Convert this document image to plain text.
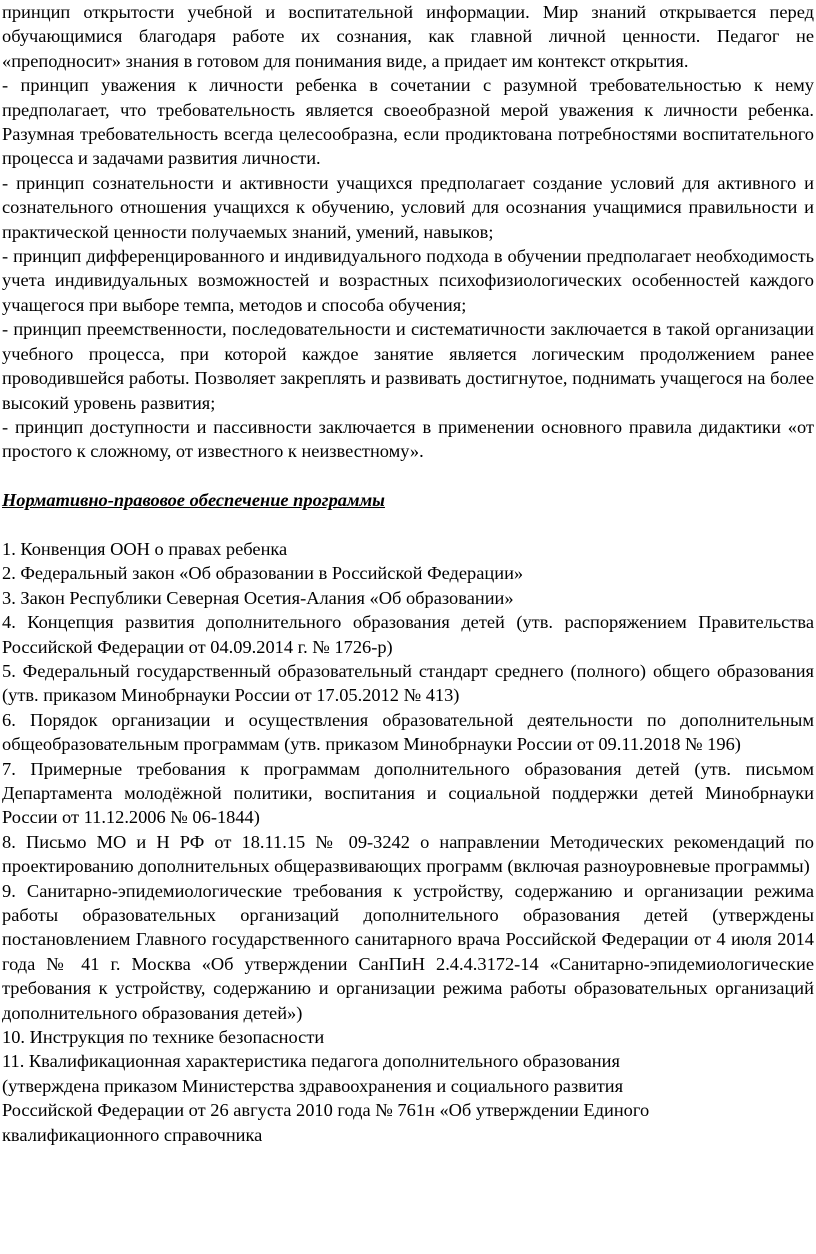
принцип открытости учебной и воспитательной информации. Мир знаний открывается перед обучающимися благодаря работе их сознания, как главной личной ценности. Педагог не «преподносит» знания в готовом для понимания виде, а придает им контекст открытия.

- принцип уважения к личности ребенка в сочетании с разумной требовательностью к нему предполагает, что требовательность является своеобразной мерой уважения к личности ребенка. Разумная требовательность всегда целесообразна, если продиктована потребностями воспитательного процесса и задачами развития личности.

- принцип сознательности и активности учащихся предполагает создание условий для активного и сознательного отношения учащихся к обучению, условий для осознания учащимися правильности и практической ценности получаемых знаний, умений, навыков;

- принцип дифференцированного и индивидуального подхода в обучении предполагает необходимость учета индивидуальных возможностей и возрастных психофизиологических особенностей каждого учащегося при выборе темпа, методов и способа обучения;

- принцип преемственности, последовательности и систематичности заключается в такой организации учебного процесса, при которой каждое занятие является логическим продолжением ранее проводившейся работы. Позволяет закреплять и развивать достигнутое, поднимать учащегося на более высокий уровень развития;

- принцип доступности и пассивности заключается в применении основного правила дидактики «от простого к сложному, от известного к неизвестному».

Нормативно-правовое обеспечение программы

1. Конвенция ООН о правах ребенка

2. Федеральный закон «Об образовании в Российской Федерации»

3. Закон Республики Северная Осетия-Алания «Об образовании»

4. Концепция развития дополнительного образования детей (утв. распоряжением Правительства Российской Федерации от 04.09.2014 г. № 1726-р)

5. Федеральный государственный образовательный стандарт среднего (полного) общего образования (утв. приказом Минобрнауки России от 17.05.2012 № 413)

6. Порядок организации и осуществления образовательной деятельности по дополнительным общеобразовательным программам (утв. приказом Минобрнауки России от 09.11.2018 № 196)

7. Примерные требования к программам дополнительного образования детей (утв. письмом Департамента молодёжной политики, воспитания и социальной поддержки детей Минобрнауки России от 11.12.2006 № 06-1844)

8. Письмо МО и Н РФ от 18.11.15 № 09-3242 о направлении Методических рекомендаций по проектированию дополнительных общеразвивающих программ (включая разноуровневые программы)

9. Санитарно-эпидемиологические требования к устройству, содержанию и организации режима работы образовательных организаций дополнительного образования детей (утверждены постановлением Главного государственного санитарного врача Российской Федерации от 4 июля 2014 года № 41 г. Москва «Об утверждении СанПиН 2.4.4.3172-14 «Санитарно-эпидемиологические требования к устройству, содержанию и организации режима работы образовательных организаций дополнительного образования детей»)

10. Инструкция по технике безопасности

11. Квалификационная характеристика педагога дополнительного образования

(утверждена приказом Министерства здравоохранения и социального развития

Российской Федерации от 26 августа 2010 года № 761н «Об утверждении Единого

квалификационного справочника
